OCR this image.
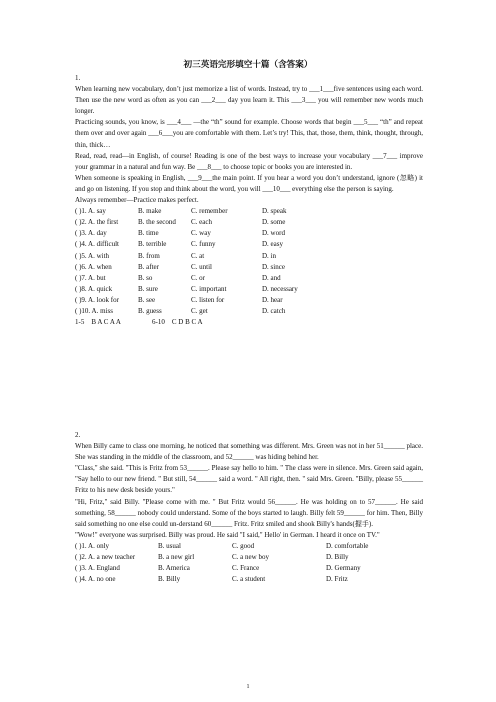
初三英语完形填空十篇（含答案）

1.

When learning new vocabulary, don’t just memorize a list of words. Instead, try to ___1___five sentences using each word. Then use the new word as often as you can ___2___ day you learn it. This ___3___ you will remember new words much longer.

Practicing sounds, you know, is ___4___ —the “th” sound for example. Choose words that begin ___5___ “th” and repeat them over and over again ___6___you are comfortable with them. Let’s try! This, that, those, them, think, thought, through, thin, thick…

Read, read, read—in English, of course! Reading is one of the best ways to increase your vocabulary ___7___ improve your grammar in a natural and fun way. Be ___8___ to choose topic or books you are interested in.

When someone is speaking in English, ___9___the main point. If you hear a word you don’t understand, ignore (忽略) it and go on listening. If you stop and think about the word, you will ___10___ everything else the person is saying.

Always remember—Practice makes perfect.

( )1. A. say	B. make	C. remember	D. speak
( )2. A. the first	B. the second	C. each	D. some
( )3. A. day	B. time	C. way	D. word
( )4. A. difficult	B. terrible	C. funny	D. easy
( )5. A. with	B. from	C. at	D. in
( )6. A. when	B. after	C. until	D. since
( )7. A. but	B. so	C. or	D. and
( )8. A. quick	B. sure	C. important	D. necessary
( )9. A. look for	B. see	C. listen for	D. hear
( )10. A. miss	B. guess	C. get	D. catch

1-5    B A C A A                  6-10    C D B C A

2.

When Billy came to class one morning, he noticed that something was different. Mrs. Green was not in her 51______ place. She was standing in the middle of the classroom, and 52______ was hiding behind her.

"Class," she said. "This is Fritz from 53______. Please say hello to him. " The class were in silence. Mrs. Green said again, "Say hello to our new friend. " But still, 54______ said a word. " All right, then. " said Mrs. Green. "Billy, please 55______ Fritz to his new desk beside yours."

"Hi, Fritz," said Billy. "Please come with me. " But Fritz would 56______. He was holding on to 57______. He said something, 58______ nobody could understand. Some of the boys started to laugh. Billy felt 59______ for him. Then, Billy said something no one else could un-derstand 60______ Fritz. Fritz smiled and shook Billy's hands(握手).

"Wow!" everyone was surprised. Billy was proud. He said "I said," Hello' in German. I heard it once on TV."

( )1. A. only	B. usual	C. good	D. comfortable
( )2. A. a new teacher	B. a new girl	C. a new boy	D. Billy
( )3. A. England	B. America	C. France	D. Germany
( )4. A. no one	B. Billy	C. a student	D. Fritz
1
